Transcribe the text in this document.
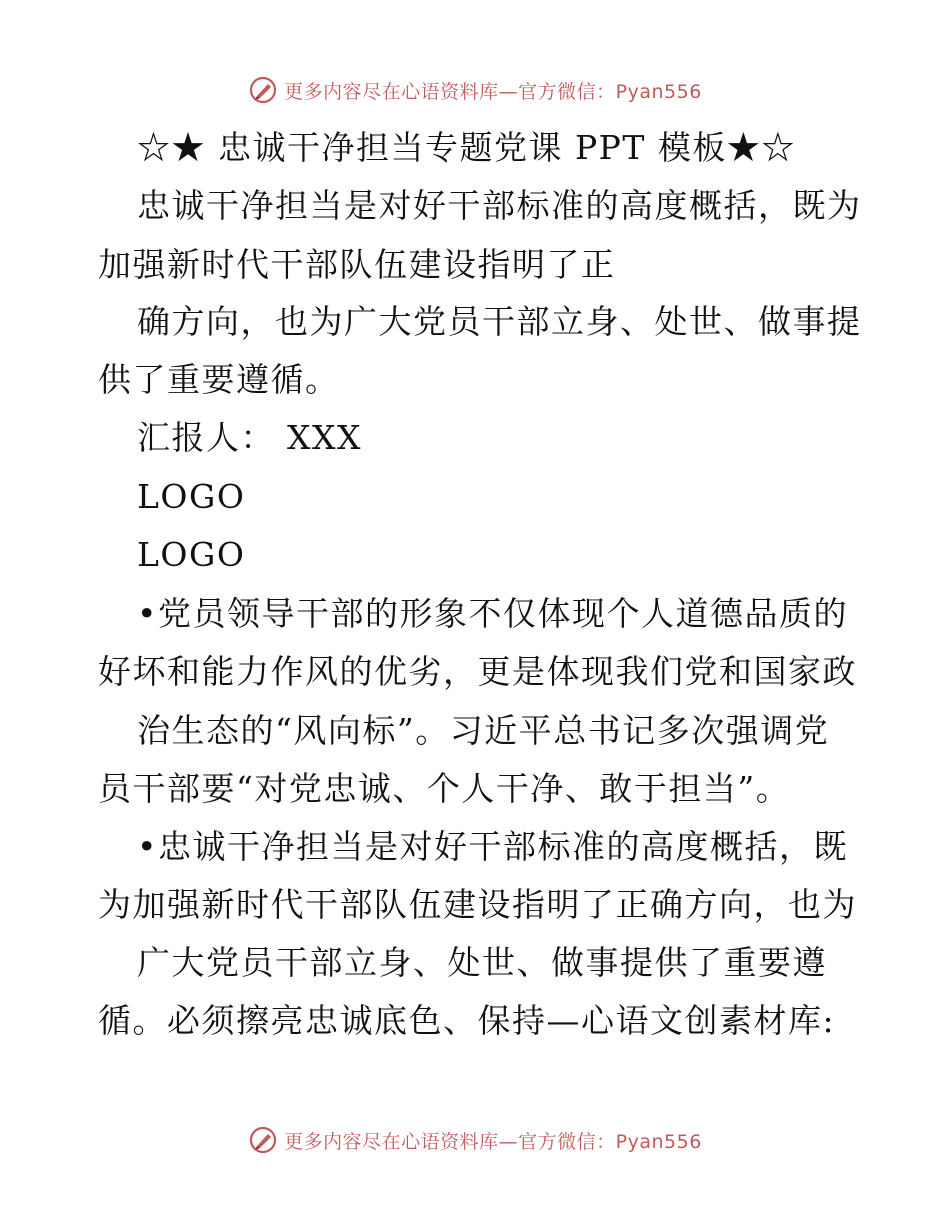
更多内容尽在心语资料库—官方微信：Pyan556
☆★ 忠诚干净担当专题党课 PPT 模板★☆
忠诚干净担当是对好干部标准的高度概括，既为
加强新时代干部队伍建设指明了正
确方向，也为广大党员干部立身、处世、做事提
供了重要遵循。
汇报人： XXX
LOGO
LOGO
•党员领导干部的形象不仅体现个人道德品质的
好坏和能力作风的优劣，更是体现我们党和国家政
治生态的“风向标”。习近平总书记多次强调党
员干部要“对党忠诚、个人干净、敢于担当”。
•忠诚干净担当是对好干部标准的高度概括，既
为加强新时代干部队伍建设指明了正确方向，也为
广大党员干部立身、处世、做事提供了重要遵
循。必须擦亮忠诚底色、保持—心语文创素材库:
更多内容尽在心语资料库—官方微信：Pyan556
